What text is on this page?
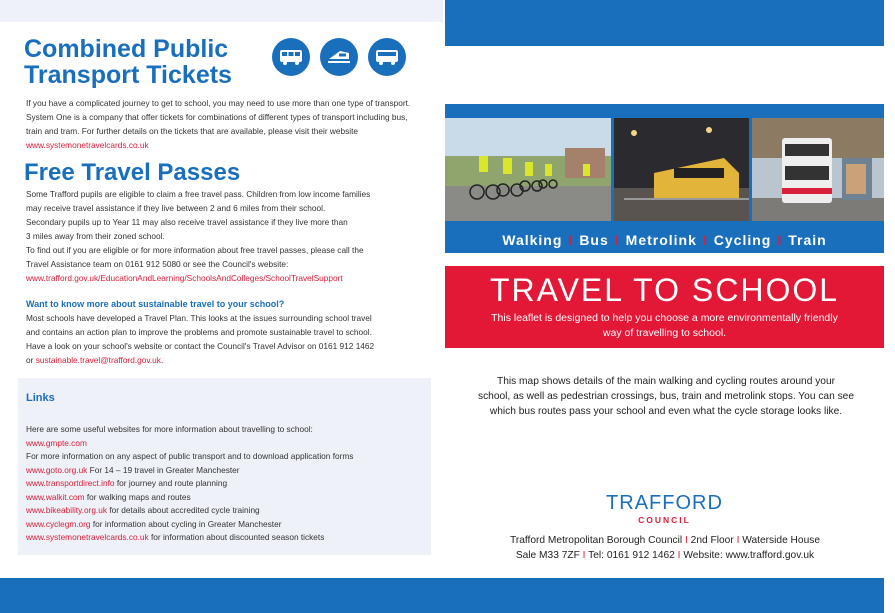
Combined Public
Transport Tickets
If you have a complicated journey to get to school, you may need to use more than one type of transport.
System One is a company that offer tickets for combinations of different types of transport including bus,
train and tram. For further details on the tickets that are available, please visit their website
www.systemonetravelcards.co.uk
Free Travel Passes
Some Trafford pupils are eligible to claim a free travel pass. Children from low income families
may receive travel assistance if they live between 2 and 6 miles from their school.
Secondary pupils up to Year 11 may also receive travel assistance if they live more than
3 miles away from their zoned school.
To find out if you are eligible or for more information about free travel passes, please call the
Travel Assistance team on 0161 912 5080 or see the Council's website:
www.trafford.gov.uk/EducationAndLearning/SchoolsAndColleges/SchoolTravelSupport
Want to know more about sustainable travel to your school?
Most schools have developed a Travel Plan. This looks at the issues surrounding school travel
and contains an action plan to improve the problems and promote sustainable travel to school.
Have a look on your school's website or contact the Council's Travel Advisor on 0161 912 1462
or sustainable.travel@trafford.gov.uk.
Links
Here are some useful websites for more information about travelling to school:
www.gmpte.com
For more information on any aspect of public transport and to download application forms
www.goto.org.uk For 14 – 19 travel in Greater Manchester
www.transportdirect.info for journey and route planning
www.walkit.com for walking maps and routes
www.bikeability.org.uk for details about accredited cycle training
www.cyclegm.org for information about cycling in Greater Manchester
www.systemonetravelcards.co.uk for information about discounted season tickets
Walking I Bus I Metrolink I Cycling I Train
TRAVEL TO SCHOOL
This leaflet is designed to help you choose a more environmentally friendly
way of travelling to school.
This map shows details of the main walking and cycling routes around your
school, as well as pedestrian crossings, bus, train and metrolink stops. You can see
which bus routes pass your school and even what the cycle storage looks like.
TRAFFORD
COUNCIL
Trafford Metropolitan Borough Council I 2nd Floor I Waterside House
Sale M33 7ZF I Tel: 0161 912 1462 I Website: www.trafford.gov.uk
